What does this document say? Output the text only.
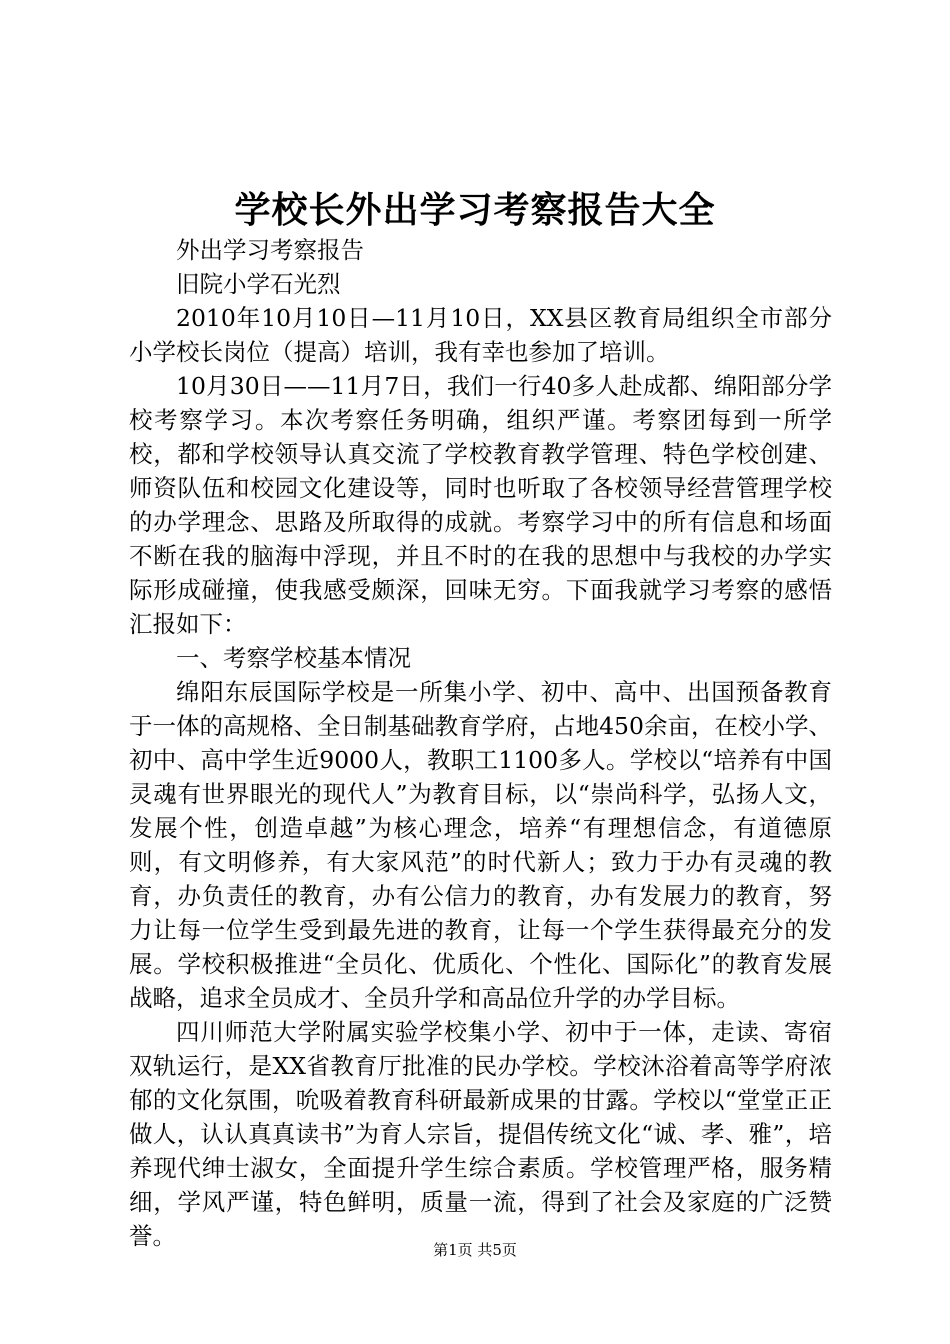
学校长外出学习考察报告大全

外出学习考察报告

旧院小学石光烈

2010年10月10日—11月10日，XX县区教育局组织全市部分小学校长岗位（提高）培训，我有幸也参加了培训。

10月30日——11月7日，我们一行40多人赴成都、绵阳部分学校考察学习。本次考察任务明确，组织严谨。考察团每到一所学校，都和学校领导认真交流了学校教育教学管理、特色学校创建、师资队伍和校园文化建设等，同时也听取了各校领导经营管理学校的办学理念、思路及所取得的成就。考察学习中的所有信息和场面不断在我的脑海中浮现，并且不时的在我的思想中与我校的办学实际形成碰撞，使我感受颇深，回味无穷。下面我就学习考察的感悟汇报如下：

一、考察学校基本情况

绵阳东辰国际学校是一所集小学、初中、高中、出国预备教育于一体的高规格、全日制基础教育学府，占地450余亩，在校小学、初中、高中学生近9000人，教职工1100多人。学校以“培养有中国灵魂有世界眼光的现代人”为教育目标，以“崇尚科学，弘扬人文，发展个性，创造卓越”为核心理念，培养“有理想信念，有道德原则，有文明修养，有大家风范”的时代新人；致力于办有灵魂的教育，办负责任的教育，办有公信力的教育，办有发展力的教育，努力让每一位学生受到最先进的教育，让每一个学生获得最充分的发展。学校积极推进“全员化、优质化、个性化、国际化”的教育发展战略，追求全员成才、全员升学和高品位升学的办学目标。

四川师范大学附属实验学校集小学、初中于一体，走读、寄宿双轨运行，是XX省教育厅批准的民办学校。学校沐浴着高等学府浓郁的文化氛围，吮吸着教育科研最新成果的甘露。学校以“堂堂正正做人，认认真真读书”为育人宗旨，提倡传统文化“诚、孝、雅”，培养现代绅士淑女，全面提升学生综合素质。学校管理严格，服务精细，学风严谨，特色鲜明，质量一流，得到了社会及家庭的广泛赞誉。	第1页 共5页
